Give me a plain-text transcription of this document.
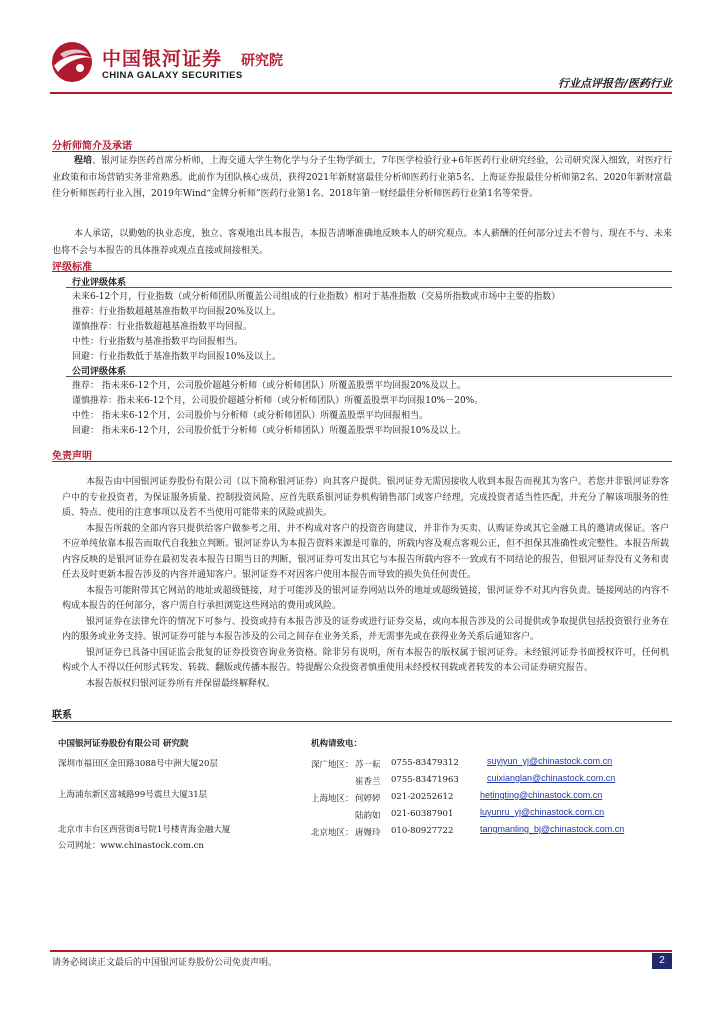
中国银河证券 研究院
CHINA GALAXY SECURITIES
行业点评报告/医药行业
分析师简介及承诺
程培、银河证券医药首席分析师，上海交通大学生物化学与分子生物学硕士，7年医学检验行业+6年医药行业研究经验，公司研究深入细致，对医疗行业政策和市场营销实务非常熟悉。此前作为团队核心成员，获得2021年新财富最佳分析师医药行业第5名、上海证券报最佳分析师第2名、2020年新财富最佳分析师医药行业入围，2019年Wind“金牌分析师”医药行业第1名、2018年第一财经最佳分析师医药行业第1名等荣誉。
本人承诺，以勤勉的执业态度，独立、客观地出具本报告，本报告清晰准确地反映本人的研究观点。本人薪酬的任何部分过去不曾与、现在不与、未来也将不会与本报告的具体推荐或观点直接或间接相关。
评级标准
行业评级体系
未来6-12个月，行业指数（或分析师团队所覆盖公司组成的行业指数）相对于基准指数（交易所指数或市场中主要的指数）
推荐：行业指数超越基准指数平均回报20%及以上。
谨慎推荐：行业指数超越基准指数平均回报。
中性：行业指数与基准指数平均回报相当。
回避：行业指数低于基准指数平均回报10%及以上。
公司评级体系
推荐： 指未来6-12个月，公司股价超越分析师（或分析师团队）所覆盖股票平均回报20%及以上。
谨慎推荐：指未来6-12个月，公司股价超越分析师（或分析师团队）所覆盖股票平均回报10%－20%。
中性： 指未来6-12个月，公司股价与分析师（或分析师团队）所覆盖股票平均回报相当。
回避： 指未来6-12个月，公司股价低于分析师（或分析师团队）所覆盖股票平均回报10%及以上。
免责声明
本报告由中国银河证券股份有限公司（以下简称银河证券）向其客户提供。银河证券无需因接收人收到本报告而视其为客户。若您并非银河证券客户中的专业投资者，为保证服务质量、控制投资风险、应首先联系银河证券机构销售部门或客户经理，完成投资者适当性匹配，并充分了解该项服务的性质、特点、使用的注意事项以及若不当使用可能带来的风险或损失。
本报告所载的全部内容只提供给客户做参考之用，并不构成对客户的投资咨询建议，并非作为买卖、认购证券或其它金融工具的邀请或保证。客户不应单纯依靠本报告而取代自我独立判断。银河证券认为本报告资料来源是可靠的，所载内容及观点客观公正，但不担保其准确性或完整性。本报告所载内容反映的是银河证券在最初发表本报告日期当日的判断，银河证券可发出其它与本报告所载内容不一致或有不同结论的报告，但银河证券没有义务和责任去及时更新本报告涉及的内容并通知客户。银河证券不对因客户使用本报告而导致的损失负任何责任。
本报告可能附带其它网站的地址或超级链接，对于可能涉及的银河证券网站以外的地址或超级链接，银河证券不对其内容负责。链接网站的内容不构成本报告的任何部分，客户需自行承担浏览这些网站的费用或风险。
银河证券在法律允许的情况下可参与、投资或持有本报告涉及的证券或进行证券交易，或向本报告涉及的公司提供或争取提供包括投资银行业务在内的服务或业务支持。银河证券可能与本报告涉及的公司之间存在业务关系，并无需事先或在获得业务关系后通知客户。
银河证券已具备中国证监会批复的证券投资咨询业务资格。除非另有说明，所有本报告的版权属于银河证券。未经银河证券书面授权许可，任何机构或个人不得以任何形式转发、转载、翻版或传播本报告。特提醒公众投资者慎重使用未经授权刊载或者转发的本公司证券研究报告。
本报告版权归银河证券所有并保留最终解释权。
联系
中国银河证券股份有限公司 研究院
深圳市福田区金田路3088号中洲大厦20层
上海浦东新区富城路99号震旦大厦31层
北京市丰台区西营街8号院1号楼青海金融大厦
公司网址：www.chinastock.com.cn
机构请致电：
深广地区： 苏一耘 0755-83479312	suyiyun_yj@chinastock.com.cn
崔香兰 0755-83471963	cuixianglan@chinastock.com.cn
上海地区： 何婷婷 021-20252612	hetingting@chinastock.com.cn
陆韵如 021-60387901	luyunru_yj@chinastock.com.cn
北京地区： 唐嫚玲 010-80927722	tangmanling_bj@chinastock.com.cn
请务必阅读正文最后的中国银河证券股份公司免责声明。	2
